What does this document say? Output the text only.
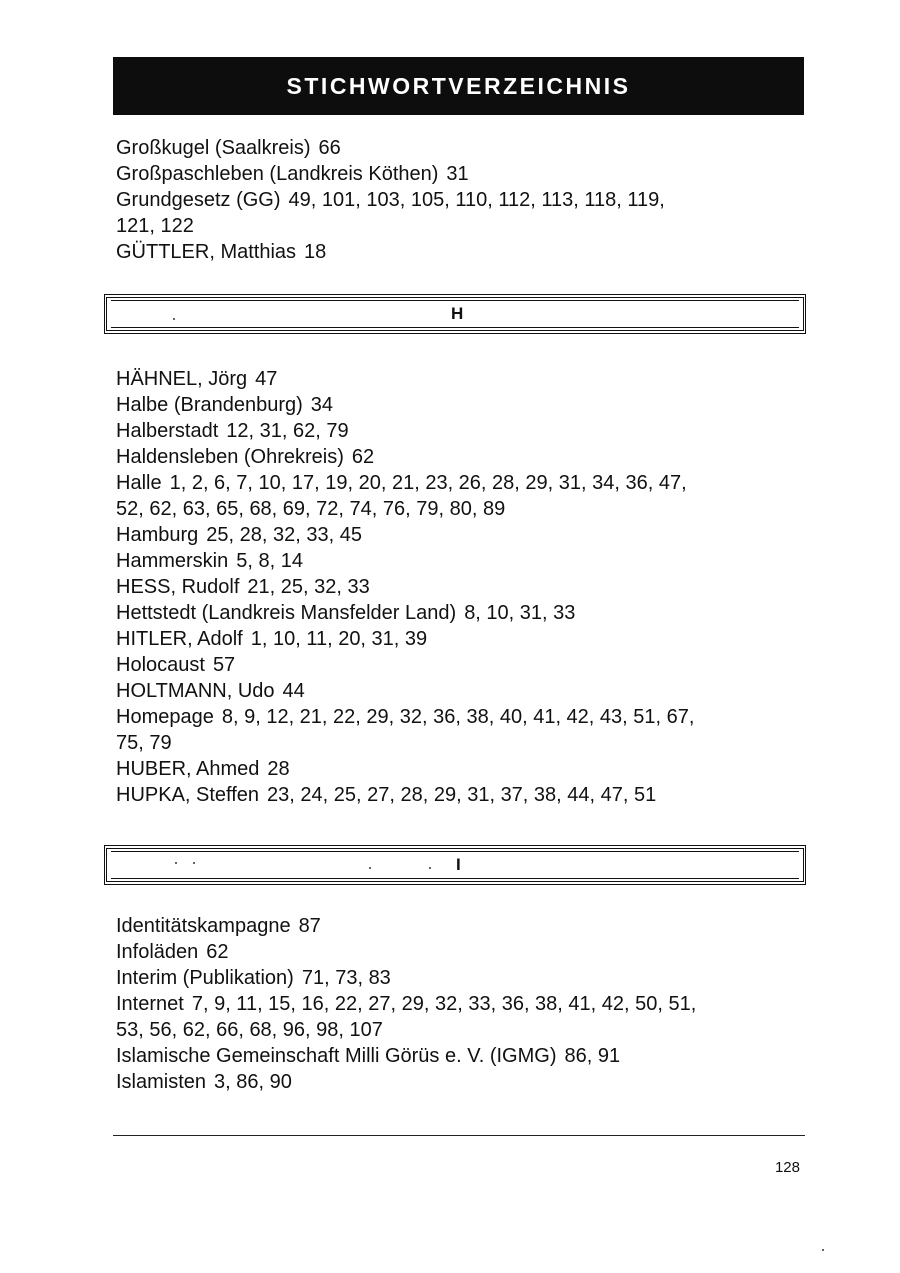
STICHWORTVERZEICHNIS
Großkugel (Saalkreis) 66
Großpaschleben (Landkreis Köthen) 31
Grundgesetz (GG) 49, 101, 103, 105, 110, 112, 113, 118, 119,
121, 122
GÜTTLER, Matthias 18
H
HÄHNEL, Jörg 47
Halbe (Brandenburg) 34
Halberstadt 12, 31, 62, 79
Haldensleben (Ohrekreis) 62
Halle 1, 2, 6, 7, 10, 17, 19, 20, 21, 23, 26, 28, 29, 31, 34, 36, 47,
52, 62, 63, 65, 68, 69, 72, 74, 76, 79, 80, 89
Hamburg 25, 28, 32, 33, 45
Hammerskin 5, 8, 14
HESS, Rudolf 21, 25, 32, 33
Hettstedt (Landkreis Mansfelder Land) 8, 10, 31, 33
HITLER, Adolf 1, 10, 11, 20, 31, 39
Holocaust 57
HOLTMANN, Udo 44
Homepage 8, 9, 12, 21, 22, 29, 32, 36, 38, 40, 41, 42, 43, 51, 67,
75, 79
HUBER, Ahmed 28
HUPKA, Steffen 23, 24, 25, 27, 28, 29, 31, 37, 38, 44, 47, 51
I
Identitätskampagne 87
Infoläden 62
Interim (Publikation) 71, 73, 83
Internet 7, 9, 11, 15, 16, 22, 27, 29, 32, 33, 36, 38, 41, 42, 50, 51,
53, 56, 62, 66, 68, 96, 98, 107
Islamische Gemeinschaft Milli Görüs e. V. (IGMG) 86, 91
Islamisten 3, 86, 90
128
